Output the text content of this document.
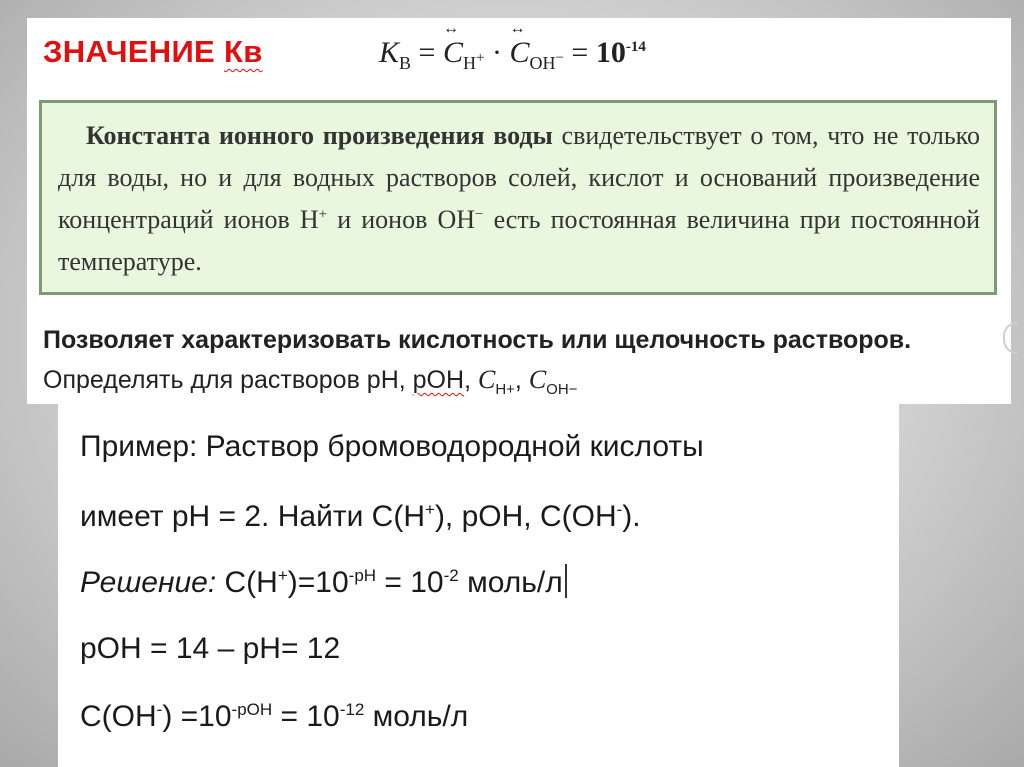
ЗНАЧЕНИЕ Кв	$K_B$ = ↔ $C_{H^+}$ · ↔ $C_{OH^-} = 10^{-14}$

Константа ионного произведения воды свидетельствует о том, что не только для воды, но и для водных растворов солей, кислот и оснований произведение концентраций ионов H+ и ионов OH− есть постоянная величина при постоянной температуре.

Позволяет характеризовать кислотность или щелочность растворов. Определять для растворов pH, pOH, $C_{H+}$, $C_{OH-}$
Пример: Раствор бромоводородной кислоты
имеет pH = 2. Найти C(H+), pOH, C(OH-).
Решение: $C(H^+)=10^{-pH} = 10^{-2}$ моль/л
pOH = 14 – pH= 12
$C(OH^-) =10^{-pOH} = 10^{-12}$ моль/л
